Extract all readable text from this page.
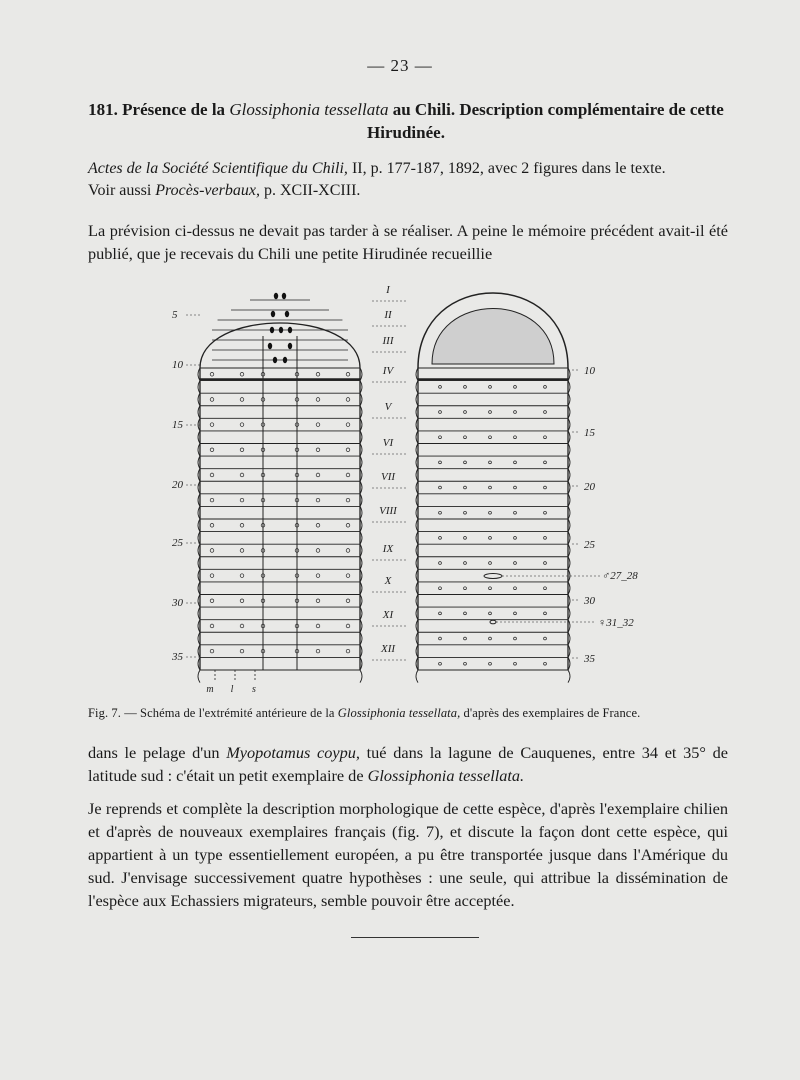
— 23 —
181. Présence de la Glossiphonia tessellata au Chili. Description complémentaire de cette Hirudinée.
Actes de la Société Scientifique du Chili, II, p. 177-187, 1892, avec 2 figures dans le texte.
Voir aussi Procès-verbaux, p. XCII-XCIII.
La prévision ci-dessus ne devait pas tarder à se réaliser. A peine le mémoire précédent avait-il été publié, que je recevais du Chili une petite Hirudinée recueillie
5
10
15
20
25
30
35
m l s
I
II
III
IV
V
VI
VII
VIII
IX
X
XI
XII
10
15
20
25
30
35
♂27_28
♀31_32
Fig. 7. — Schéma de l'extrémité antérieure de la Glossiphonia tessellata, d'après des exemplaires de France.
dans le pelage d'un Myopotamus coypu, tué dans la lagune de Cauquenes, entre 34 et 35° de latitude sud : c'était un petit exemplaire de Glossiphonia tessellata.
Je reprends et complète la description morphologique de cette espèce, d'après l'exemplaire chilien et d'après de nouveaux exemplaires français (fig. 7), et discute la façon dont cette espèce, qui appartient à un type essentiellement européen, a pu être transportée jusque dans l'Amérique du sud. J'envisage successivement quatre hypothèses : une seule, qui attribue la dissémination de l'espèce aux Echassiers migrateurs, semble pouvoir être acceptée.
